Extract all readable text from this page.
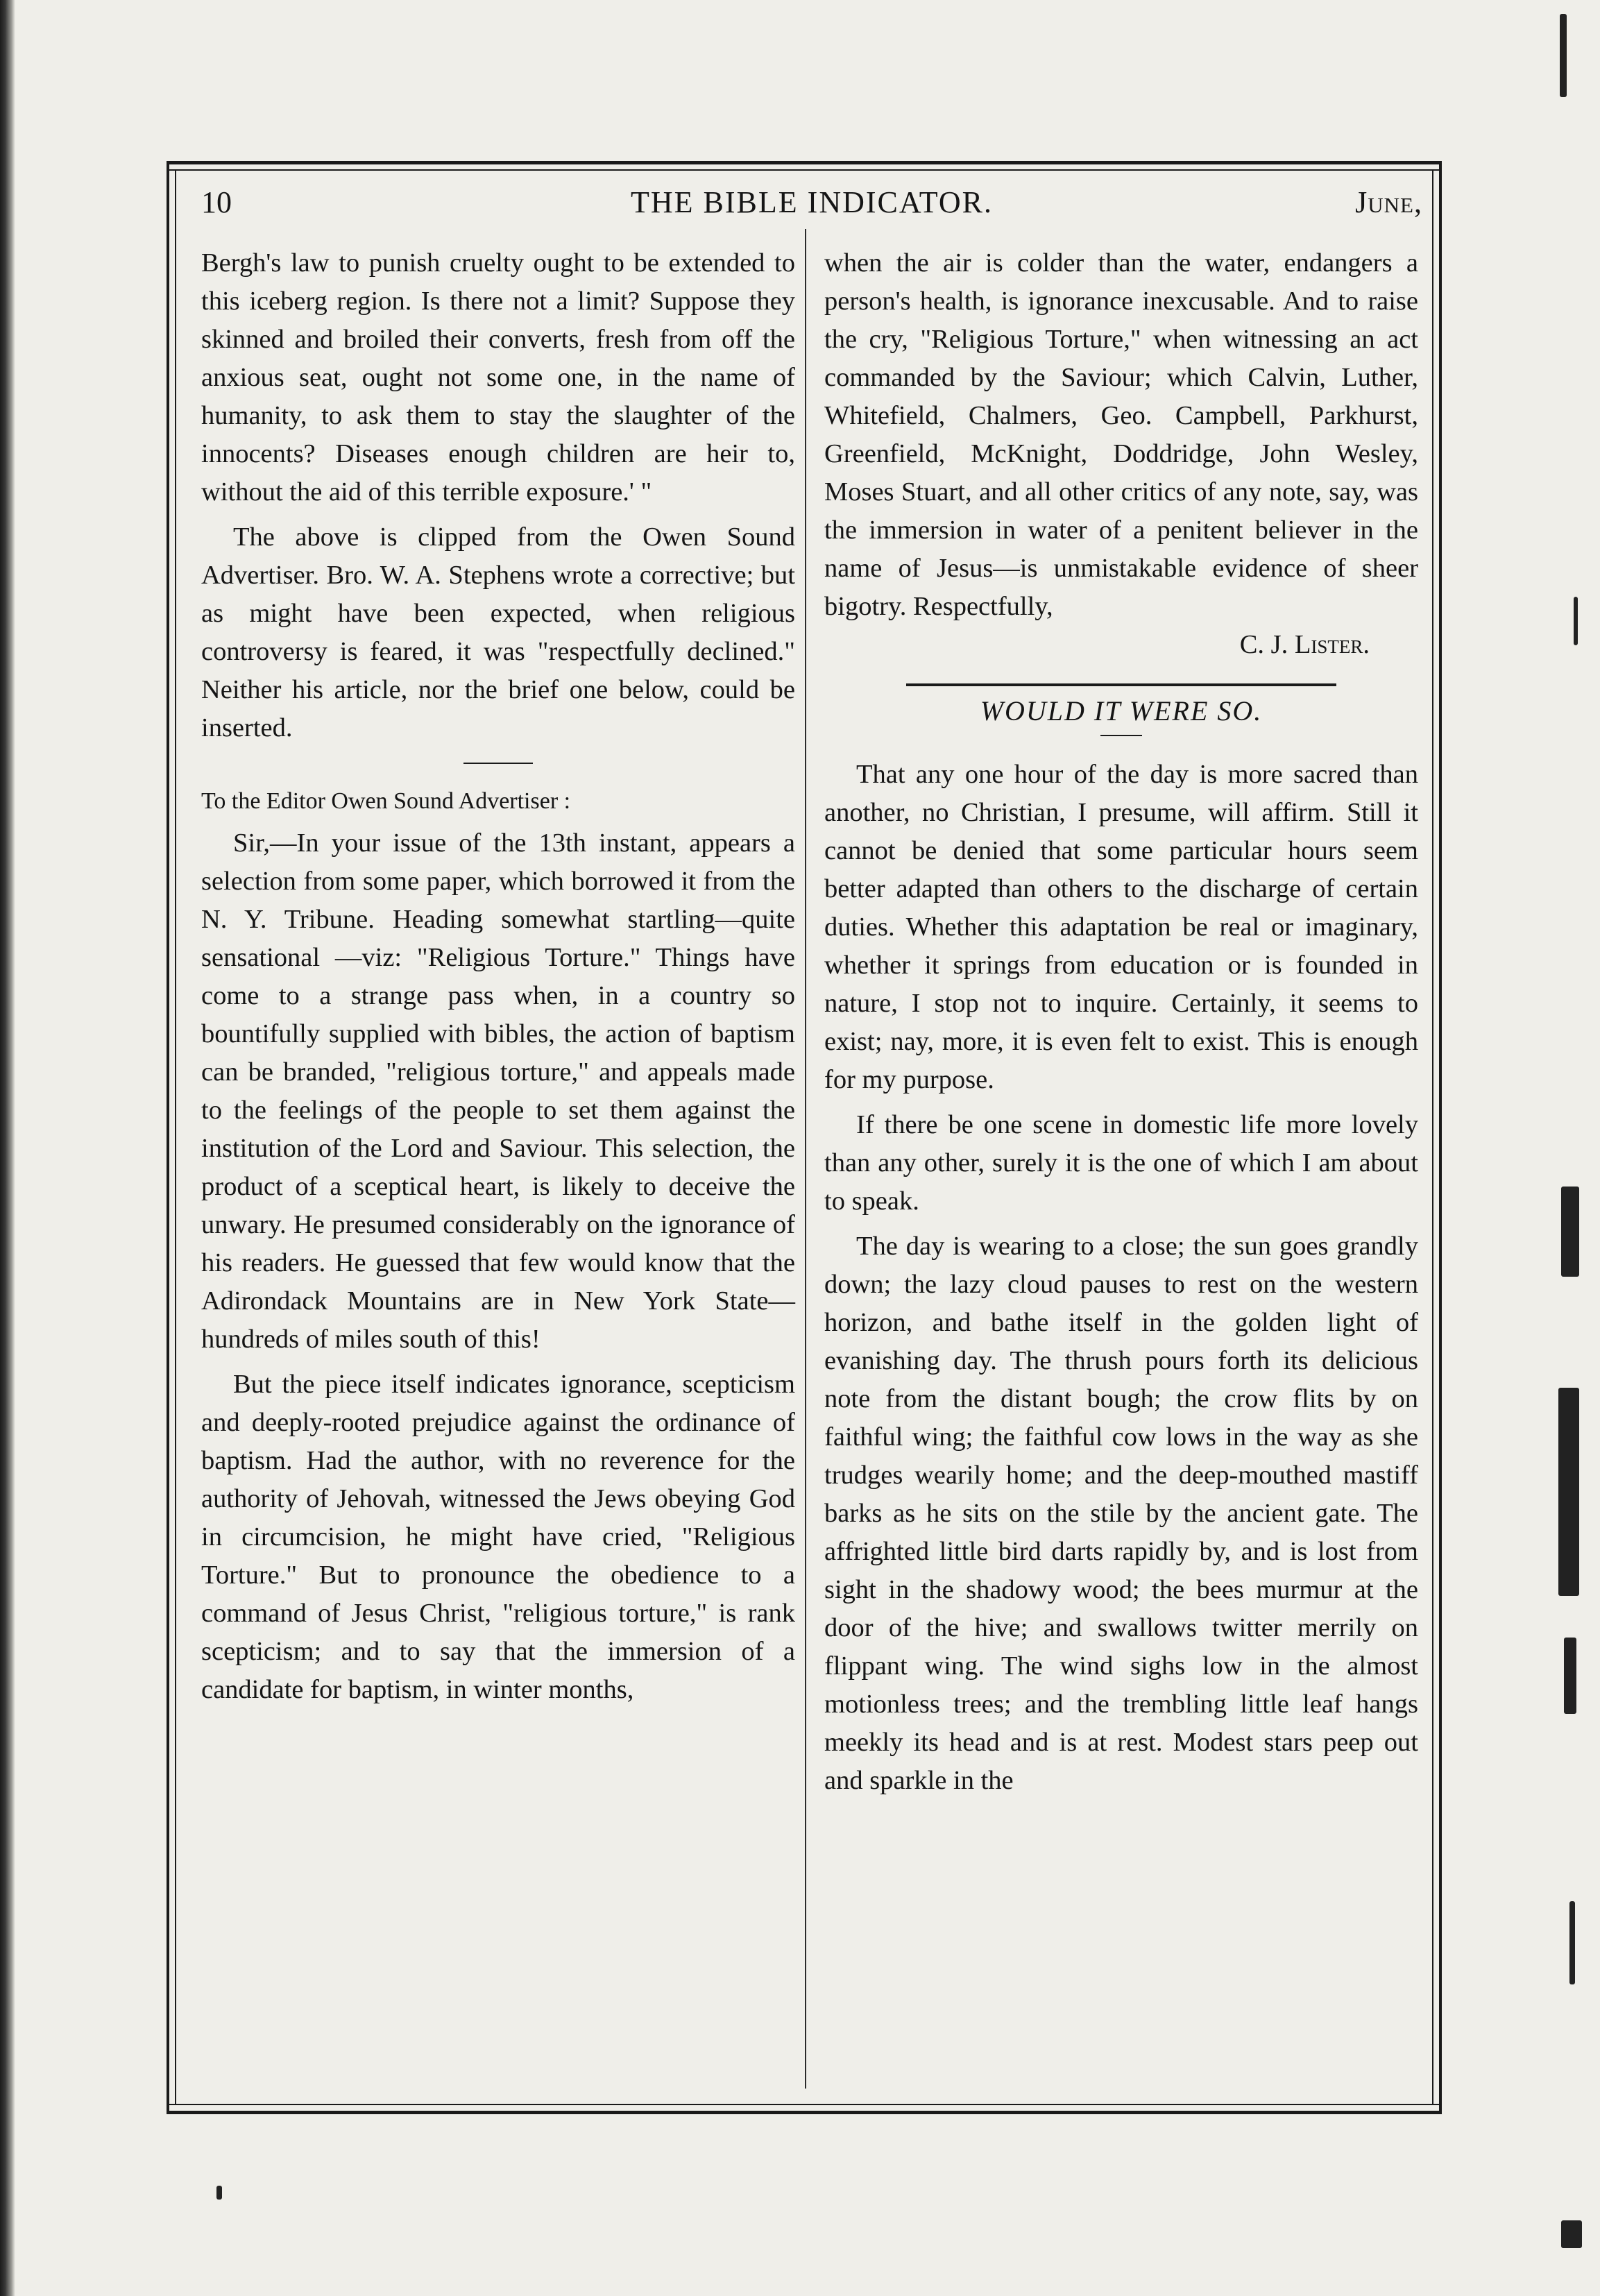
10	THE BIBLE INDICATOR.	June,

Bergh's law to punish cruelty ought to be extended to this iceberg region. Is there not a limit? Suppose they skinned and broiled their converts, fresh from off the anxious seat, ought not some one, in the name of humanity, to ask them to stay the slaughter of the innocents? Diseases enough children are heir to, without the aid of this terrible exposure.' "

The above is clipped from the Owen Sound Advertiser. Bro. W. A. Stephens wrote a corrective; but as might have been expected, when religious controversy is feared, it was "respectfully declined." Neither his article, nor the brief one below, could be inserted.

To the Editor Owen Sound Advertiser :

Sir,—In your issue of the 13th instant, appears a selection from some paper, which borrowed it from the N. Y. Tribune. Heading somewhat startling—quite sensational —viz: "Religious Torture." Things have come to a strange pass when, in a country so bountifully supplied with bibles, the action of baptism can be branded, "religious torture," and appeals made to the feelings of the people to set them against the institution of the Lord and Saviour. This selection, the product of a sceptical heart, is likely to deceive the unwary. He presumed considerably on the ignorance of his readers. He guessed that few would know that the Adirondack Mountains are in New York State—hundreds of miles south of this!

But the piece itself indicates ignorance, scepticism and deeply-rooted prejudice against the ordinance of baptism. Had the author, with no reverence for the authority of Jehovah, witnessed the Jews obeying God in circumcision, he might have cried, "Religious Torture." But to pronounce the obedience to a command of Jesus Christ, "religious torture," is rank scepticism; and to say that the immersion of a candidate for baptism, in winter months,

when the air is colder than the water, endangers a person's health, is ignorance inexcusable. And to raise the cry, "Religious Torture," when witnessing an act commanded by the Saviour; which Calvin, Luther, Whitefield, Chalmers, Geo. Campbell, Parkhurst, Greenfield, McKnight, Doddridge, John Wesley, Moses Stuart, and all other critics of any note, say, was the immersion in water of a penitent believer in the name of Jesus—is unmistakable evidence of sheer bigotry. Respectfully,

C. J. Lister.

WOULD IT WERE SO.

That any one hour of the day is more sacred than another, no Christian, I presume, will affirm. Still it cannot be denied that some particular hours seem better adapted than others to the discharge of certain duties. Whether this adaptation be real or imaginary, whether it springs from education or is founded in nature, I stop not to inquire. Certainly, it seems to exist; nay, more, it is even felt to exist. This is enough for my purpose.

If there be one scene in domestic life more lovely than any other, surely it is the one of which I am about to speak.

The day is wearing to a close; the sun goes grandly down; the lazy cloud pauses to rest on the western horizon, and bathe itself in the golden light of evanishing day. The thrush pours forth its delicious note from the distant bough; the crow flits by on faithful wing; the faithful cow lows in the way as she trudges wearily home; and the deep-mouthed mastiff barks as he sits on the stile by the ancient gate. The affrighted little bird darts rapidly by, and is lost from sight in the shadowy wood; the bees murmur at the door of the hive; and swallows twitter merrily on flippant wing. The wind sighs low in the almost motionless trees; and the trembling little leaf hangs meekly its head and is at rest. Modest stars peep out and sparkle in the
